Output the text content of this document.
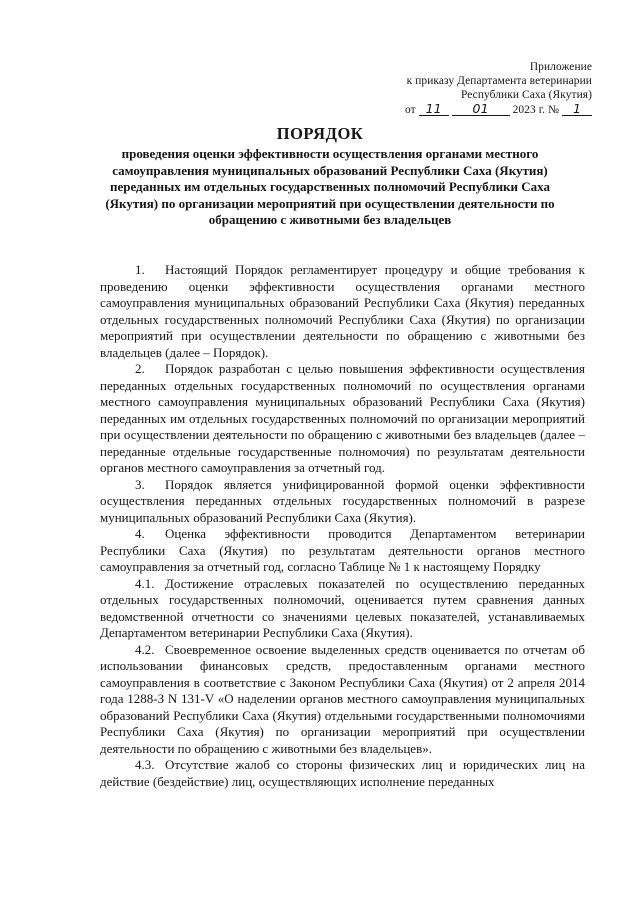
Приложение
к приказу Департамента ветеринарии
Республики Саха (Якутия)
от 11 01 2023 г. № 1
ПОРЯДОК
проведения оценки эффективности осуществления органами местного самоуправления муниципальных образований Республики Саха (Якутия) переданных им отдельных государственных полномочий Республики Саха (Якутия) по организации мероприятий при осуществлении деятельности по обращению с животными без владельцев

1. Настоящий Порядок регламентирует процедуру и общие требования к проведению оценки эффективности осуществления органами местного самоуправления муниципальных образований Республики Саха (Якутия) переданных отдельных государственных полномочий Республики Саха (Якутия) по организации мероприятий при осуществлении деятельности по обращению с животными без владельцев (далее – Порядок).

2. Порядок разработан с целью повышения эффективности осуществления переданных отдельных государственных полномочий по осуществления органами местного самоуправления муниципальных образований Республики Саха (Якутия) переданных им отдельных государственных полномочий по организации мероприятий при осуществлении деятельности по обращению с животными без владельцев (далее – переданные отдельные государственные полномочия) по результатам деятельности органов местного самоуправления за отчетный год.

3. Порядок является унифицированной формой оценки эффективности осуществления переданных отдельных государственных полномочий в разрезе муниципальных образований Республики Саха (Якутия).

4. Оценка эффективности проводится Департаментом ветеринарии Республики Саха (Якутия) по результатам деятельности органов местного самоуправления за отчетный год, согласно Таблице № 1 к настоящему Порядку

4.1. Достижение отраслевых показателей по осуществлению переданных отдельных государственных полномочий, оценивается путем сравнения данных ведомственной отчетности со значениями целевых показателей, устанавливаемых Департаментом ветеринарии Республики Саха (Якутия).

4.2. Своевременное освоение выделенных средств оценивается по отчетам об использовании финансовых средств, предоставленным органами местного самоуправления в соответствие с Законом Республики Саха (Якутия) от 2 апреля 2014 года 1288-З N 131-V «О наделении органов местного самоуправления муниципальных образований Республики Саха (Якутия) отдельными государственными полномочиями Республики Саха (Якутия) по организации мероприятий при осуществлении деятельности по обращению с животными без владельцев».

4.3. Отсутствие жалоб со стороны физических лиц и юридических лиц на действие (бездействие) лиц, осуществляющих исполнение переданных
